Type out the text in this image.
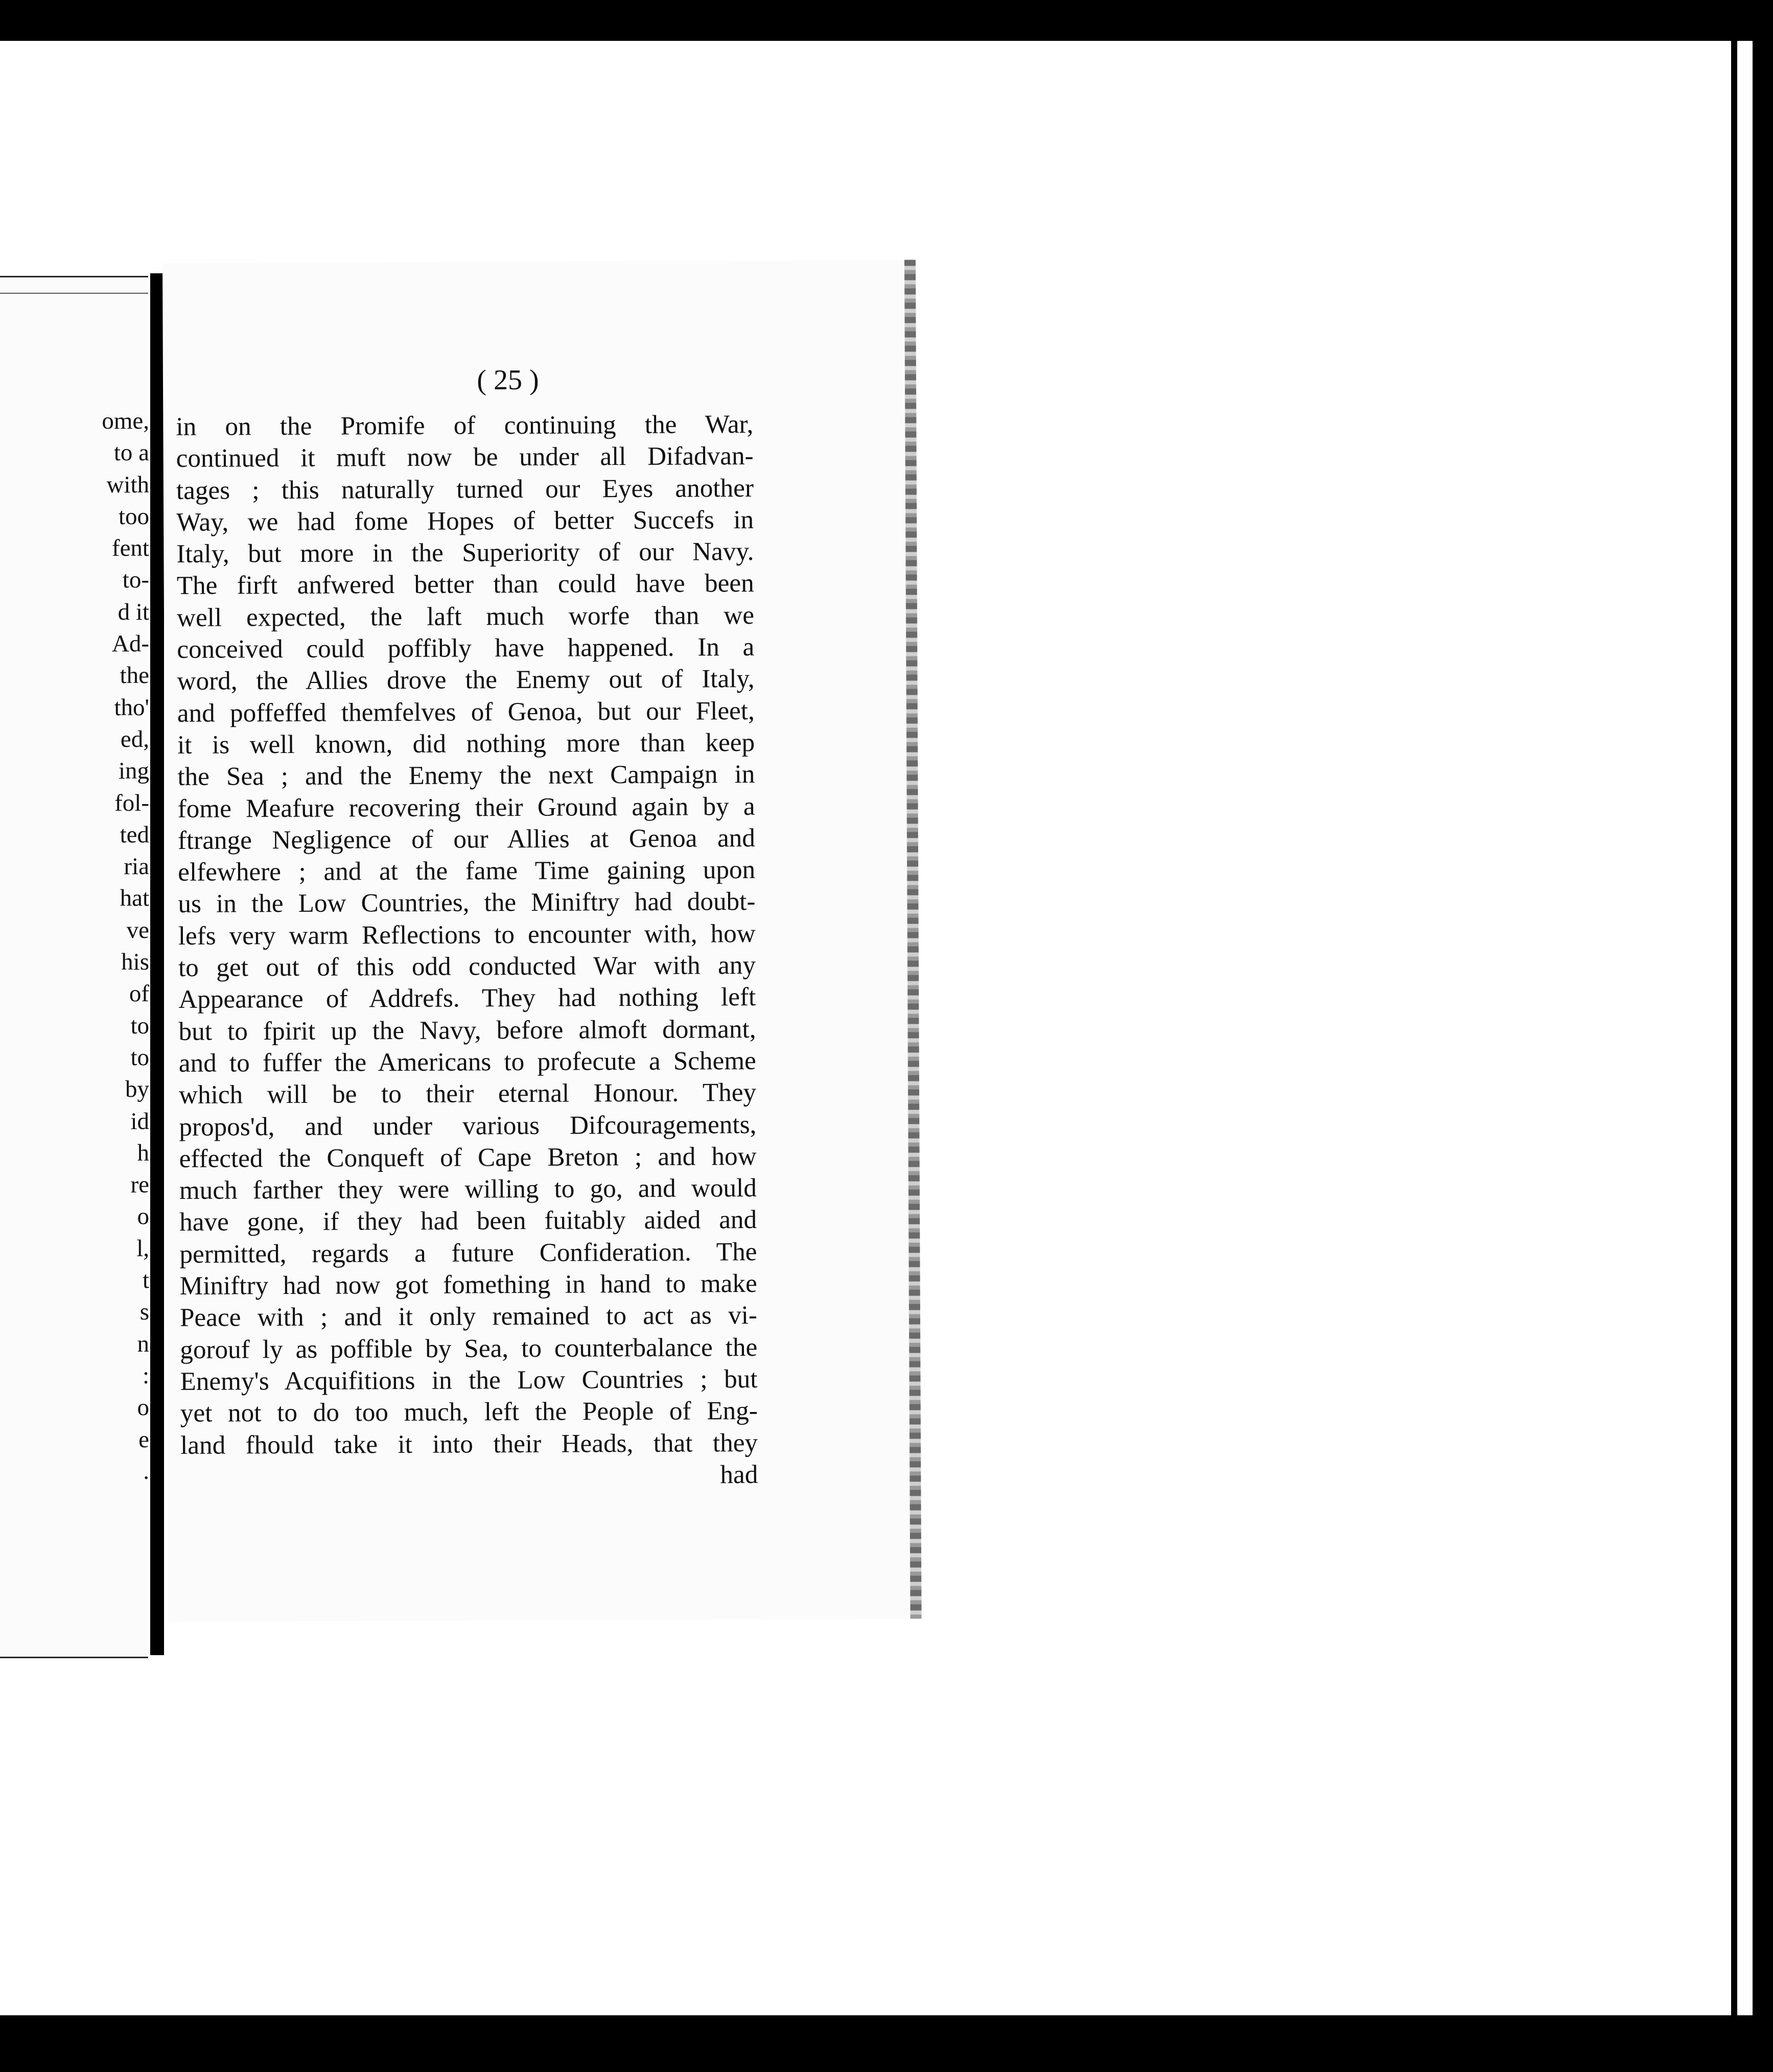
ome,
to a
with
too
fent
to-
d it
Ad-
the
tho'
ed,
ing
fol-
ted
ria
hat
ve
his
of
to
to
by
id
h
re
o
l,
t
s
n
:
o
e
.
( 25 )
in on the Promife of continuing the War,
continued it muft now be under all Difadvan-
tages ; this naturally turned our Eyes another
Way, we had fome Hopes of better Succefs in
Italy, but more in the Superiority of our Navy.
The firft anfwered better than could have been
well expected, the laft much worfe than we
conceived could poffibly have happened. In a
word, the Allies drove the Enemy out of Italy,
and poffeffed themfelves of Genoa, but our Fleet,
it is well known, did nothing more than keep
the Sea ; and the Enemy the next Campaign in
fome Meafure recovering their Ground again by a
ftrange Negligence of our Allies at Genoa and
elfewhere ; and at the fame Time gaining upon
us in the Low Countries, the Miniftry had doubt-
lefs very warm Reflections to encounter with, how
to get out of this odd conducted War with any
Appearance of Addrefs. They had nothing left
but to fpirit up the Navy, before almoft dormant,
and to fuffer the Americans to profecute a Scheme
which will be to their eternal Honour. They
propos'd, and under various Difcouragements,
effected the Conqueft of Cape Breton ; and how
much farther they were willing to go, and would
have gone, if they had been fuitably aided and
permitted, regards a future Confideration. The
Miniftry had now got fomething in hand to make
Peace with ; and it only remained to act as vi-
gorouf ly as poffible by Sea, to counterbalance the
Enemy's Acquifitions in the Low Countries ; but
yet not to do too much, left the People of Eng-
land fhould take it into their Heads, that they
had
